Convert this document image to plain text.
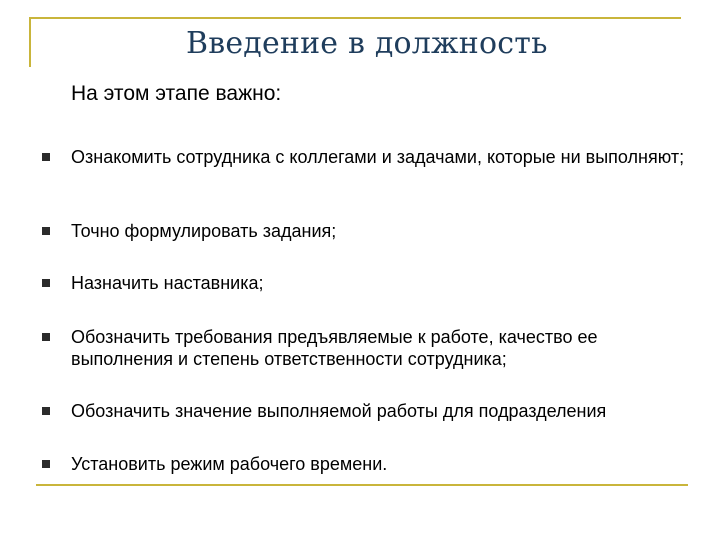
Введение в должность
На этом этапе важно:
Ознакомить сотрудника с коллегами и задачами, которые ни выполняют;
Точно формулировать задания;
Назначить наставника;
Обозначить требования предъявляемые к работе, качество ее выполнения и степень ответственности сотрудника;
Обозначить значение выполняемой работы для подразделения
Установить режим рабочего времени.
